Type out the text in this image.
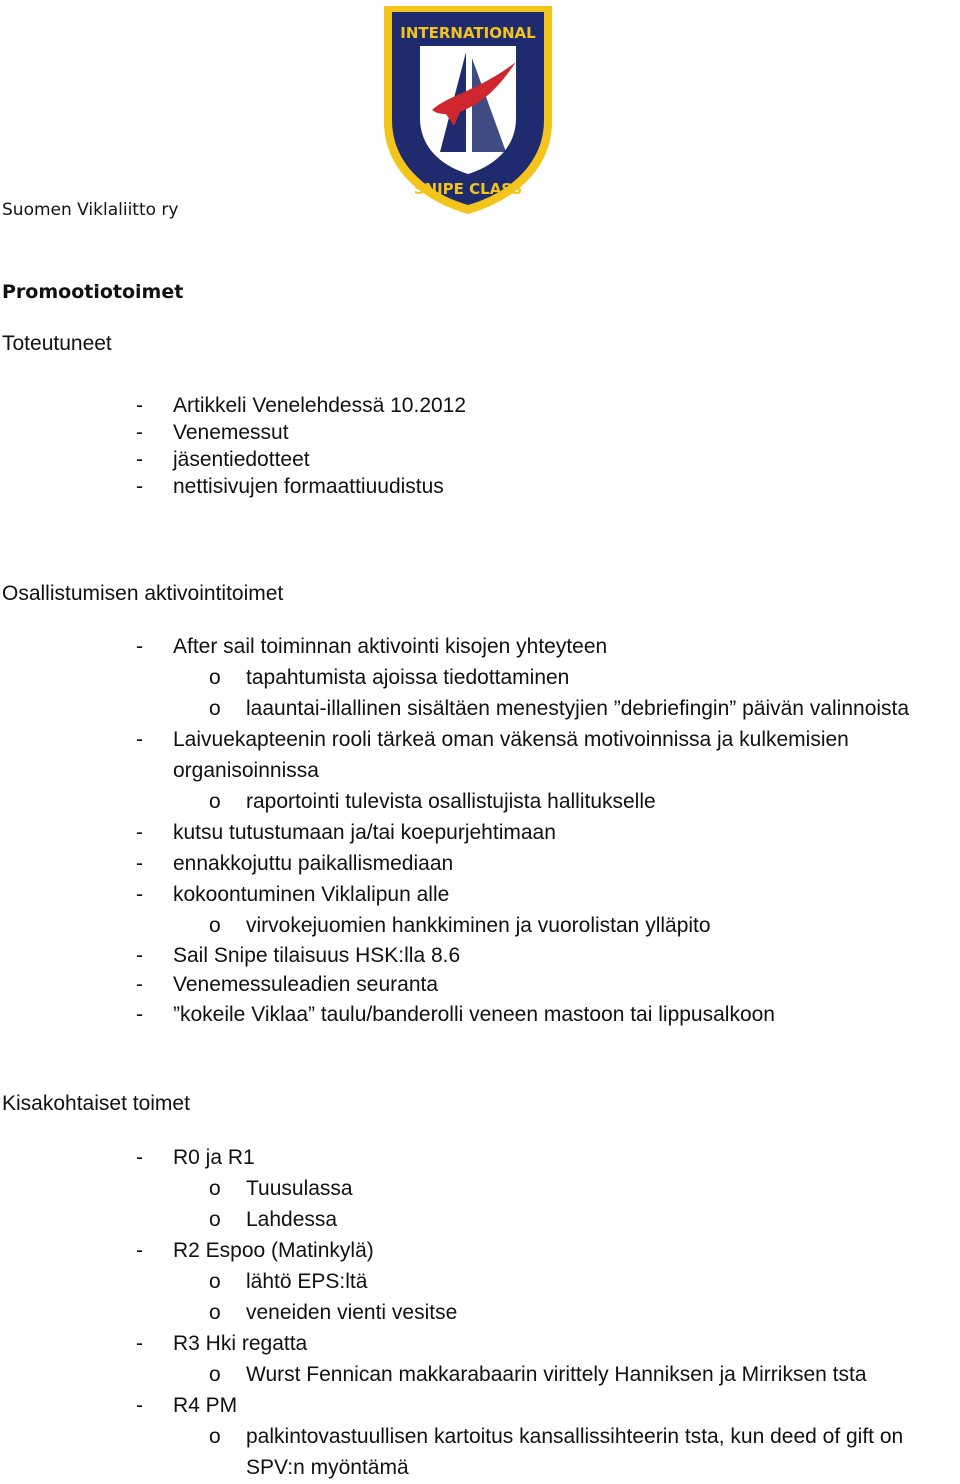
INTERNATIONAL
SNIPE CLASS
Suomen Viklaliitto ry
Promootiotoimet
Toteutuneet
- Artikkeli Venelehdessä 10.2012
- Venemessut
- jäsentiedotteet
- nettisivujen formaattiuudistus
Osallistumisen aktivointitoimet
- After sail toiminnan aktivointi kisojen yhteyteen
o tapahtumista ajoissa tiedottaminen
o laauntai-illallinen sisältäen menestyjien ”debriefingin” päivän valinnoista
- Laivuekapteenin rooli tärkeä oman väkensä motivoinnissa ja kulkemisien
organisoinnissa
o raportointi tulevista osallistujista hallitukselle
- kutsu tutustumaan ja/tai koepurjehtimaan
- ennakkojuttu paikallismediaan
- kokoontuminen Viklalipun alle
o virvokejuomien hankkiminen ja vuorolistan ylläpito
- Sail Snipe tilaisuus HSK:lla 8.6
- Venemessuleadien seuranta
- ”kokeile Viklaa” taulu/banderolli veneen mastoon tai lippusalkoon
Kisakohtaiset toimet
- R0 ja R1
o Tuusulassa
o Lahdessa
- R2 Espoo (Matinkylä)
o lähtö EPS:ltä
o veneiden vienti vesitse
- R3 Hki regatta
o Wurst Fennican makkarabaarin virittely Hanniksen ja Mirriksen tsta
- R4 PM
o palkintovastuullisen kartoitus kansallissihteerin tsta, kun deed of gift on
SPV:n myöntämä
